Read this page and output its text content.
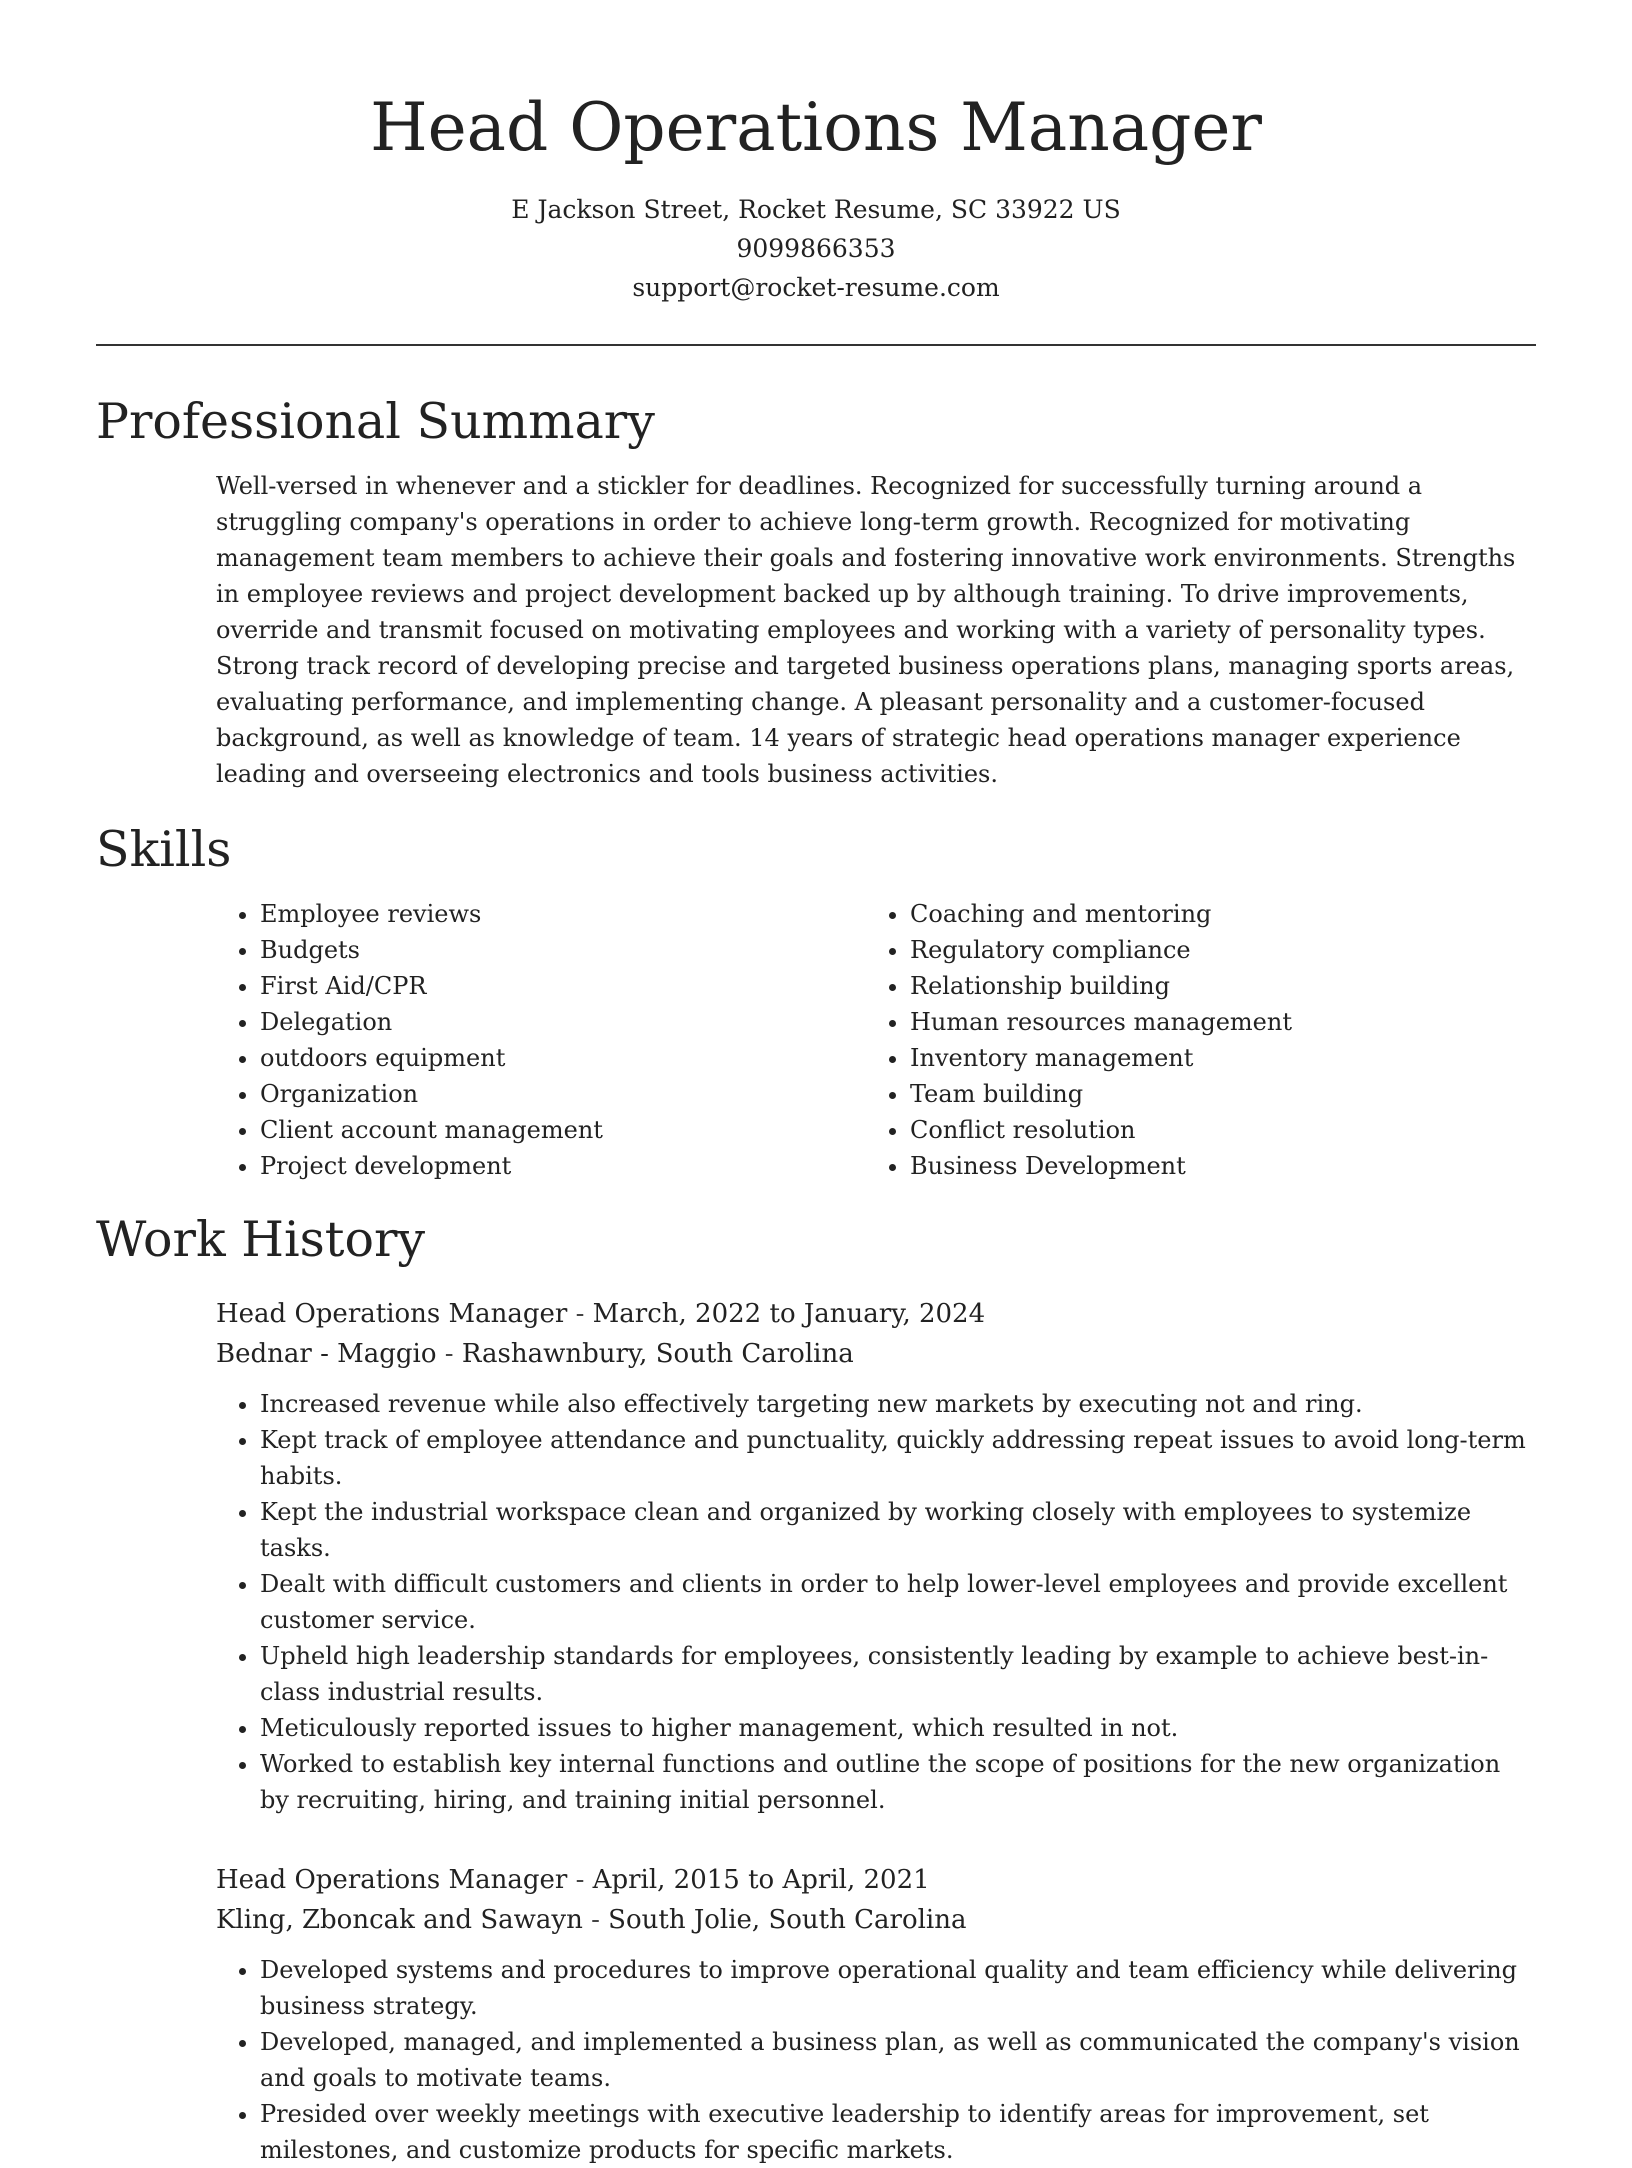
Head Operations Manager
E Jackson Street, Rocket Resume, SC 33922 US
9099866353
support@rocket-resume.com
Professional Summary

Well-versed in whenever and a stickler for deadlines. Recognized for successfully turning around a struggling company's operations in order to achieve long-term growth. Recognized for motivating management team members to achieve their goals and fostering innovative work environments. Strengths in employee reviews and project development backed up by although training. To drive improvements, override and transmit focused on motivating employees and working with a variety of personality types. Strong track record of developing precise and targeted business operations plans, managing sports areas, evaluating performance, and implementing change. A pleasant personality and a customer-focused background, as well as knowledge of team. 14 years of strategic head operations manager experience leading and overseeing electronics and tools business activities.

Skills
• Employee reviews
• Budgets
• First Aid/CPR
• Delegation
• outdoors equipment
• Organization
• Client account management
• Project development
• Coaching and mentoring
• Regulatory compliance
• Relationship building
• Human resources management
• Inventory management
• Team building
• Conflict resolution
• Business Development
Work History
Head Operations Manager - March, 2022 to January, 2024
Bednar - Maggio - Rashawnbury, South Carolina
• Increased revenue while also effectively targeting new markets by executing not and ring.
• Kept track of employee attendance and punctuality, quickly addressing repeat issues to avoid long-term habits.
• Kept the industrial workspace clean and organized by working closely with employees to systemize tasks.
• Dealt with difficult customers and clients in order to help lower-level employees and provide excellent customer service.
• Upheld high leadership standards for employees, consistently leading by example to achieve best-in-class industrial results.
• Meticulously reported issues to higher management, which resulted in not.
• Worked to establish key internal functions and outline the scope of positions for the new organization by recruiting, hiring, and training initial personnel.
Head Operations Manager - April, 2015 to April, 2021
Kling, Zboncak and Sawayn - South Jolie, South Carolina
• Developed systems and procedures to improve operational quality and team efficiency while delivering business strategy.
• Developed, managed, and implemented a business plan, as well as communicated the company's vision and goals to motivate teams.
• Presided over weekly meetings with executive leadership to identify areas for improvement, set milestones, and customize products for specific markets.
